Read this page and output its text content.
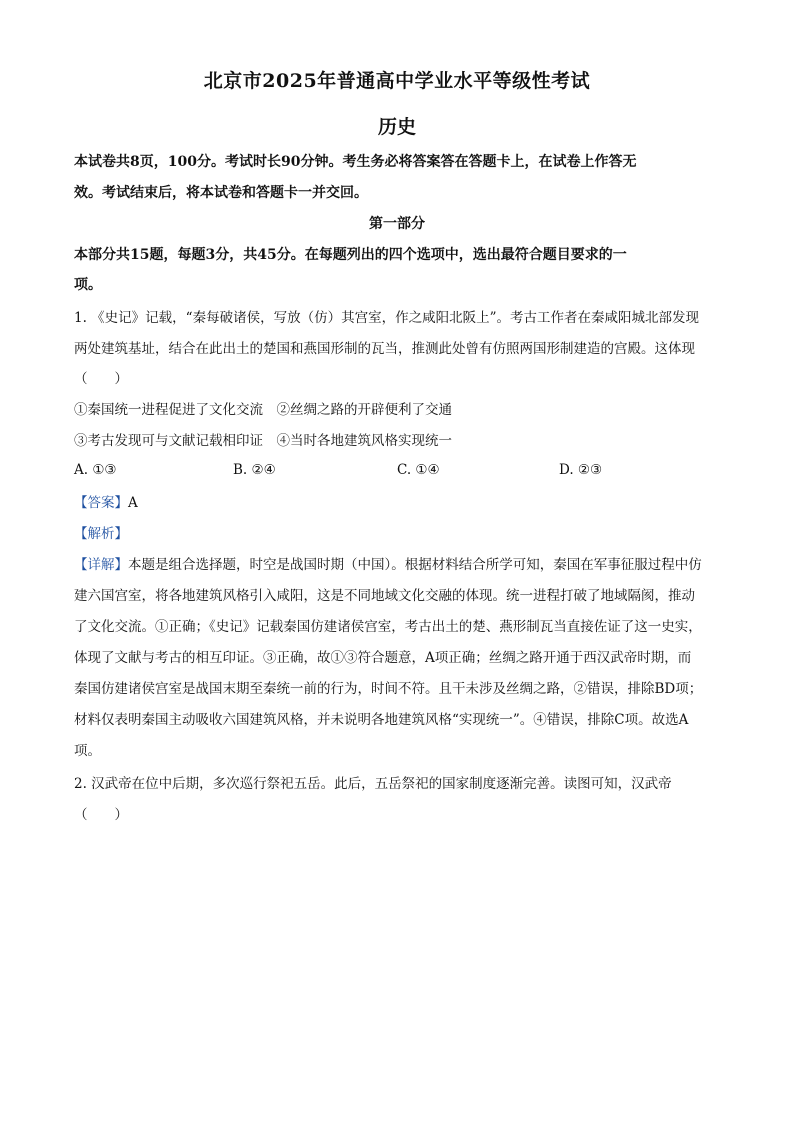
北京市2025年普通高中学业水平等级性考试
历史
本试卷共8页，100分。考试时长90分钟。考生务必将答案答在答题卡上，在试卷上作答无
效。考试结束后，将本试卷和答题卡一并交回。
第一部分
本部分共15题，每题3分，共45分。在每题列出的四个选项中，选出最符合题目要求的一
项。
1. 《史记》记载，“秦每破诸侯，写放（仿）其宫室，作之咸阳北阪上”。考古工作者在秦咸阳城北部发现
两处建筑基址，结合在此出土的楚国和燕国形制的瓦当，推测此处曾有仿照两国形制建造的宫殿。这体现
（　　）
①秦国统一进程促进了文化交流　②丝绸之路的开辟便利了交通
③考古发现可与文献记载相印证　④当时各地建筑风格实现统一
A. ①③	B. ②④	C. ①④	D. ②③
【答案】A
【解析】
【详解】本题是组合选择题，时空是战国时期（中国）。根据材料结合所学可知，秦国在军事征服过程中仿
建六国宫室，将各地建筑风格引入咸阳，这是不同地域文化交融的体现。统一进程打破了地域隔阂，推动
了文化交流。①正确；《史记》记载秦国仿建诸侯宫室，考古出土的楚、燕形制瓦当直接佐证了这一史实，
体现了文献与考古的相互印证。③正确，故①③符合题意，A项正确；丝绸之路开通于西汉武帝时期，而
秦国仿建诸侯宫室是战国末期至秦统一前的行为，时间不符。且干未涉及丝绸之路，②错误，排除BD项；
材料仅表明秦国主动吸收六国建筑风格，并未说明各地建筑风格“实现统一”。④错误，排除C项。故选A
项。
2. 汉武帝在位中后期，多次巡行祭祀五岳。此后，五岳祭祀的国家制度逐渐完善。读图可知，汉武帝
（　　）
